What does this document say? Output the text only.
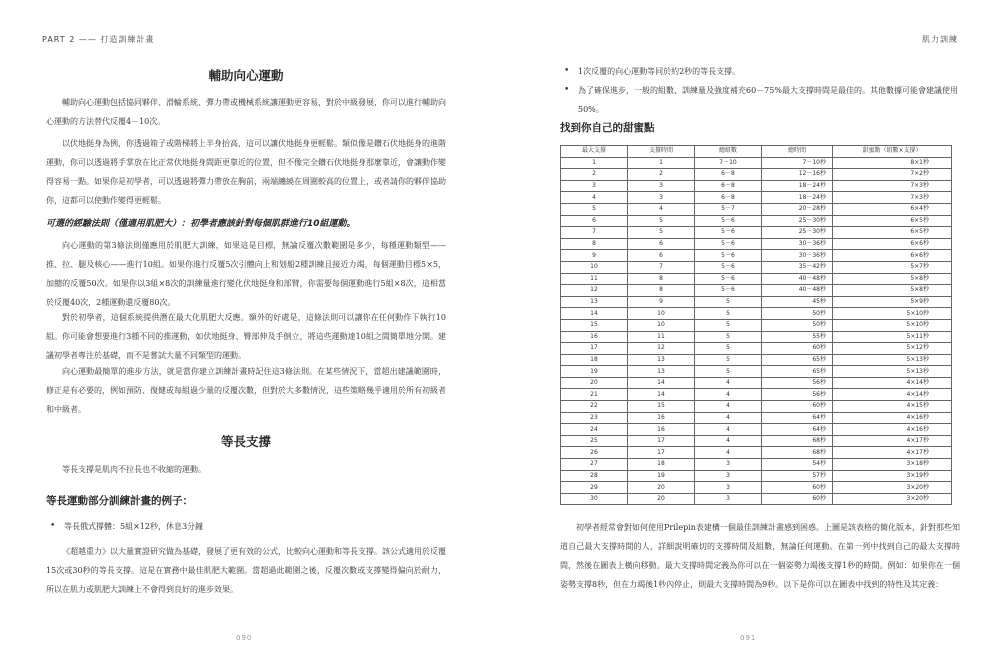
PART 2 —— 打造訓練計畫
輔助向心運動

輔助向心運動包括協同夥伴、滑輪系統、彈力帶或機械系統讓運動更容易，對於中級發展，你可以進行輔助向心運動的方法替代反覆4－10次。

以伏地挺身為例，你透過箱子或階梯將上半身抬高，這可以讓伏地挺身更輕鬆。類似像是鑽石伏地挺身的進階運動，你可以透過將手掌放在比正常伏地挺身間距更靠近的位置，但不像完全鑽石伏地挺身那麼靠近，會讓動作變得容易一點。如果你是初學者，可以透過將彈力帶放在胸前，兩端纏繞在周圍較高的位置上，或者請你的夥伴協助你，這都可以使動作變得更輕鬆。

可選的經驗法則（僅適用肌肥大）：初學者應該針對每個肌群進行10組運動。

向心運動的第3條法則僅應用於肌肥大訓練，如果這是目標，無論反覆次數範圍是多少，每種運動類型——推、拉、腿及核心——進行10組。如果你進行反覆5次引體向上和划船2種訓練且接近力竭，每個運動目標5×5，加總的反覆50次。如果你以3組×8次的訓練量進行變化伏地挺身和部臂，你需要每個運動進行5組×8次，這相當於反覆40次，2種運動還反覆80次。

對於初學者，這個系統提供潛在最大化肌肥大反應。額外的好處是，這條法則可以讓你在任何動作下執行10組。你可能會想要進行3種不同的推運動，如伏地挺身、臀部伸及手倒立，將這些運動達10組之間簡單地分開。建議初學者專注於基礎，而不是嘗試大量不同類型的運動。

向心運動最簡單的進步方法，就是當你建立訓練計畫時記住這3條法則。在某些情況下，當超出建議範圍時，修正是有必要的，例如預防、復健或每組過少量的反覆次數，但對於大多數情況，這些策略幾乎適用於所有初級者和中級者。

等長支撐

等長支撐是肌肉不拉長也不收縮的運動。

等長運動部分訓練計畫的例子：
• 等長俄式撐體：5組×12秒，休息3分鐘

《超越重力》以大量實證研究做為基礎，發展了更有效的公式，比較向心運動和等長支撐。該公式適用於反覆15次或30秒的等長支撐。這是在實務中最佳肌肥大範圍。當超過此範圍之後，反覆次數或支撐變得偏向於耐力，所以在肌力或肌肥大訓練上不會得到良好的進步效果。

090
肌力訓練
• 1次反覆的向心運動等同於約2秒的等長支撐。
• 為了確保進步，一般的組數、訓練量及強度補充60－75%最大支撐時間是最佳的。其他數據可能會建議使用50%。
找到你自己的甜蜜點
最大支撐	支撐時間	總組數	總時間	甜蜜點（組數×支撐）
1	1	7－10	7－10秒	8×1秒
2	2	6－8	12－16秒	7×2秒
3	3	6－8	18－24秒	7×3秒
4	3	6－8	18－24秒	7×3秒
5	4	5－7	20－28秒	6×4秒
6	5	5－6	25－30秒	6×5秒
7	5	5－6	25－30秒	6×5秒
8	6	5－6	30－36秒	6×6秒
9	6	5－6	30－36秒	6×6秒
10	7	5－6	35－42秒	5×7秒
11	8	5－6	40－48秒	5×8秒
12	8	5－6	40－48秒	5×8秒
13	9	5	45秒	5×9秒
14	10	5	50秒	5×10秒
15	10	5	50秒	5×10秒
16	11	5	55秒	5×11秒
17	12	5	60秒	5×12秒
18	13	5	65秒	5×13秒
19	13	5	65秒	5×13秒
20	14	4	56秒	4×14秒
21	14	4	56秒	4×14秒
22	15	4	60秒	4×15秒
23	16	4	64秒	4×16秒
24	16	4	64秒	4×16秒
25	17	4	68秒	4×17秒
26	17	4	68秒	4×17秒
27	18	3	54秒	3×18秒
28	19	3	57秒	3×19秒
29	20	3	60秒	3×20秒
30	20	3	60秒	3×20秒

初學者經常會對如何使用Prilepin表建構一個最佳訓練計畫感到困惑。上圖是該表格的簡化版本，針對那些知道自己最大支撐時間的人，詳細說明確切的支撐時間及組數，無論任何運動。在第一列中找到自己的最大支撐時間，然後在圖表上橫向移動。最大支撐時間定義為你可以在一個姿勢力竭後支撐1秒的時間。例如：如果你在一個姿勢支撐8秒，但在力竭後1秒內停止，則最大支撐時間為9秒。以下是你可以在圖表中找到的特性及其定義：

091
